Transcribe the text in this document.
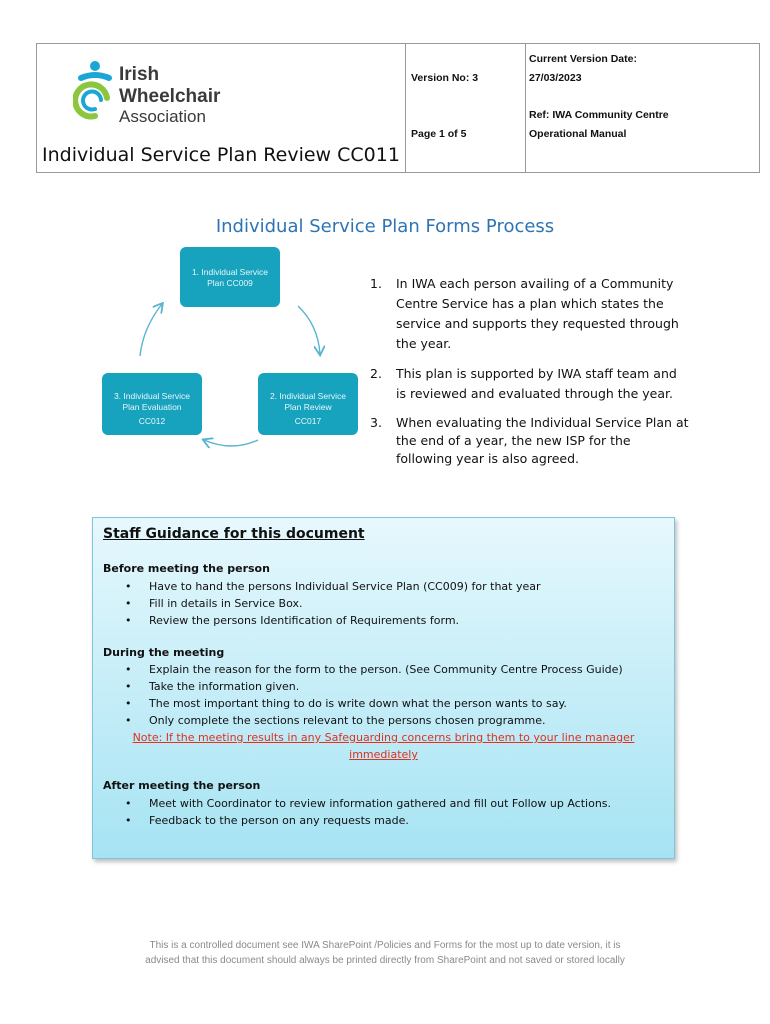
Irish
Wheelchair
Association
Individual Service Plan Review CC011
Version No: 3
Page 1 of 5
Current Version Date:
27/03/2023
Ref: IWA Community Centre
Operational Manual
Individual Service Plan Forms Process
1. Individual Service
Plan CC009
2. Individual Service
Plan Review
CC017
3. Individual Service
Plan Evaluation
CC012
1. In IWA each person availing of a Community Centre Service has a plan which states the service and supports they requested through the year.
2. This plan is supported by IWA staff team and is reviewed and evaluated through the year.
3. When evaluating the Individual Service Plan at the end of a year, the new ISP for the following year is also agreed.
Staff Guidance for this document
Before meeting the person
• Have to hand the persons Individual Service Plan (CC009) for that year
• Fill in details in Service Box.
• Review the persons Identification of Requirements form.
During the meeting
• Explain the reason for the form to the person. (See Community Centre Process Guide)
• Take the information given.
• The most important thing to do is write down what the person wants to say.
• Only complete the sections relevant to the persons chosen programme.
Note: If the meeting results in any Safeguarding concerns bring them to your line manager
immediately
After meeting the person
• Meet with Coordinator to review information gathered and fill out Follow up Actions.
• Feedback to the person on any requests made.
This is a controlled document see IWA SharePoint /Policies and Forms for the most up to date version, it is
advised that this document should always be printed directly from SharePoint and not saved or stored locally
